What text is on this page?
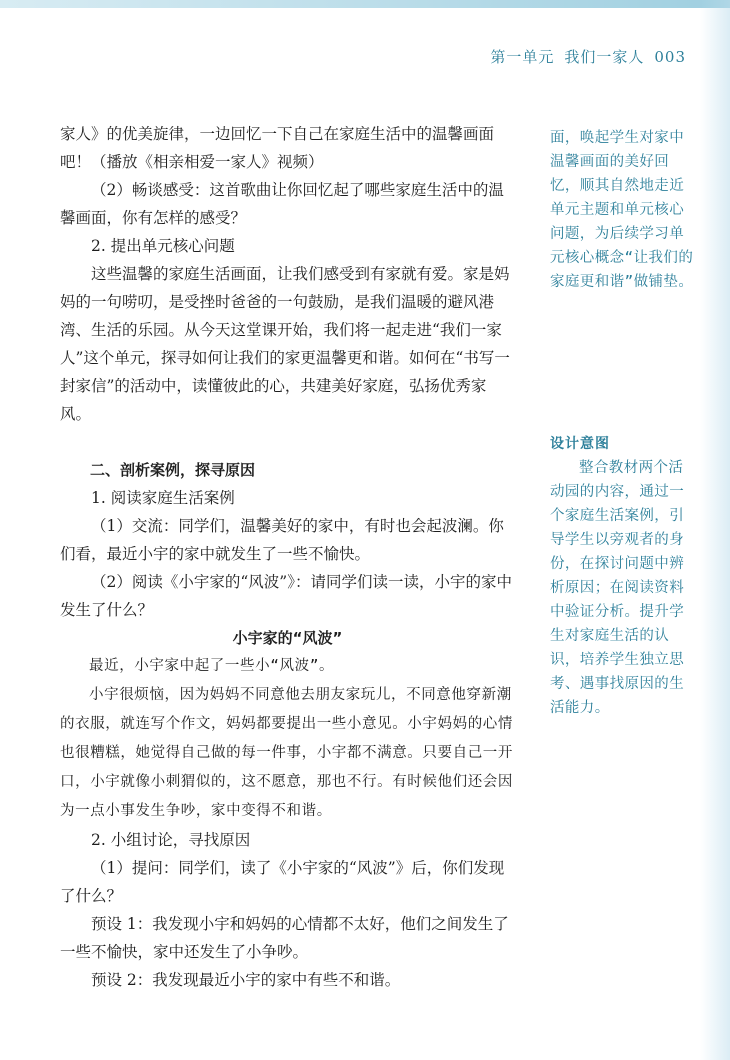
第一单元 我们一家人 003

家人》的优美旋律，一边回忆一下自己在家庭生活中的温馨画面吧！（播放《相亲相爱一家人》视频）

（2）畅谈感受：这首歌曲让你回忆起了哪些家庭生活中的温馨画面，你有怎样的感受？

2. 提出单元核心问题

这些温馨的家庭生活画面，让我们感受到有家就有爱。家是妈妈的一句唠叨，是受挫时爸爸的一句鼓励，是我们温暖的避风港湾、生活的乐园。从今天这堂课开始，我们将一起走进“我们一家人”这个单元，探寻如何让我们的家更温馨更和谐。如何在“书写一封家信”的活动中，读懂彼此的心，共建美好家庭，弘扬优秀家风。

二、剖析案例，探寻原因

1. 阅读家庭生活案例

（1）交流：同学们，温馨美好的家中，有时也会起波澜。你们看，最近小宇的家中就发生了一些不愉快。

（2）阅读《小宇家的“风波”》：请同学们读一读，小宇的家中发生了什么？

小宇家的“风波”

最近，小宇家中起了一些小“风波”。

小宇很烦恼，因为妈妈不同意他去朋友家玩儿，不同意他穿新潮的衣服，就连写个作文，妈妈都要提出一些小意见。小宇妈妈的心情也很糟糕，她觉得自己做的每一件事，小宇都不满意。只要自己一开口，小宇就像小刺猬似的，这不愿意，那也不行。有时候他们还会因为一点小事发生争吵，家中变得不和谐。

2. 小组讨论，寻找原因

（1）提问：同学们，读了《小宇家的“风波”》后，你们发现了什么？

预设 1：我发现小宇和妈妈的心情都不太好，他们之间发生了一些不愉快，家中还发生了小争吵。

预设 2：我发现最近小宇的家中有些不和谐。

面，唤起学生对家中温馨画面的美好回忆，顺其自然地走近单元主题和单元核心问题，为后续学习单元核心概念“让我们的家庭更和谐”做铺垫。

设计意图

整合教材两个活动园的内容，通过一个家庭生活案例，引导学生以旁观者的身份，在探讨问题中辨析原因；在阅读资料中验证分析。提升学生对家庭生活的认识，培养学生独立思考、遇事找原因的生活能力。
